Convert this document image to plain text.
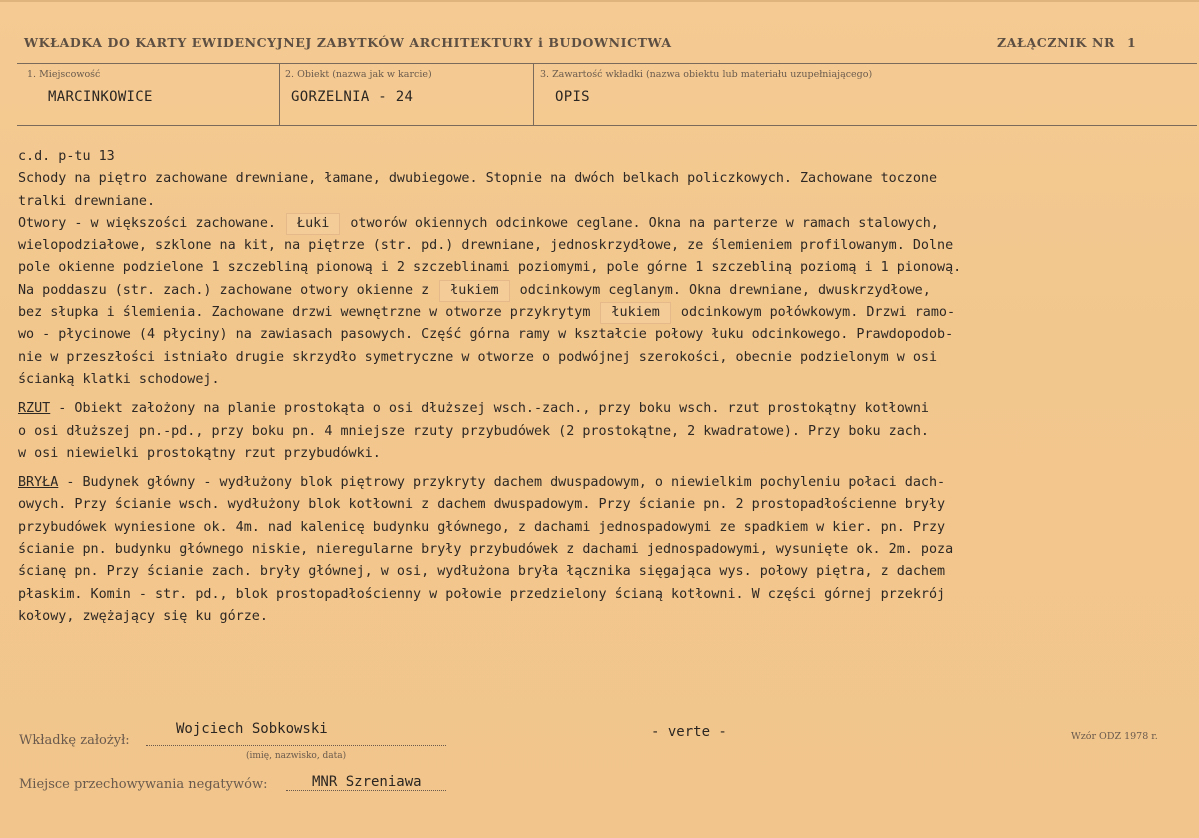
WKŁADKA DO KARTY EWIDENCYJNEJ ZABYTKÓW ARCHITEKTURY i BUDOWNICTWA	ZAŁĄCZNIK NR 1
1. Miejscowość
MARCINKOWICE
2. Obiekt (nazwa jak w karcie)
GORZELNIA - 24
3. Zawartość wkładki (nazwa obiektu lub materiału uzupełniającego)
OPIS
c.d. p-tu 13
Schody na piętro zachowane drewniane, łamane, dwubiegowe. Stopnie na dwóch belkach policzkowych. Zachowane toczone
tralki drewniane.
Otwory - w większości zachowane. Łuki otworów okiennych odcinkowe ceglane. Okna na parterze w ramach stalowych,
wielopodziałowe, szklone na kit, na piętrze (str. pd.) drewniane, jednoskrzydłowe, ze ślemieniem profilowanym. Dolne
pole okienne podzielone 1 szczebliną pionową i 2 szczeblinami poziomymi, pole górne 1 szczebliną poziomą i 1 pionową.
Na poddaszu (str. zach.) zachowane otwory okienne z łukiem odcinkowym ceglanym. Okna drewniane, dwuskrzydłowe,
bez słupka i ślemienia. Zachowane drzwi wewnętrzne w otworze przykrytym łukiem odcinkowym połówkowym. Drzwi ramo-
wo - płycinowe (4 płyciny) na zawiasach pasowych. Część górna ramy w kształcie połowy łuku odcinkowego. Prawdopodob-
nie w przeszłości istniało drugie skrzydło symetryczne w otworze o podwójnej szerokości, obecnie podzielonym w osi
ścianką klatki schodowej.
RZUT - Obiekt założony na planie prostokąta o osi dłuższej wsch.-zach., przy boku wsch. rzut prostokątny kotłowni
o osi dłuższej pn.-pd., przy boku pn. 4 mniejsze rzuty przybudówek (2 prostokątne, 2 kwadratowe). Przy boku zach.
w osi niewielki prostokątny rzut przybudówki.
BRYŁA - Budynek główny - wydłużony blok piętrowy przykryty dachem dwuspadowym, o niewielkim pochyleniu połaci dach-
owych. Przy ścianie wsch. wydłużony blok kotłowni z dachem dwuspadowym. Przy ścianie pn. 2 prostopadłościenne bryły
przybudówek wyniesione ok. 4m. nad kalenicę budynku głównego, z dachami jednospadowymi ze spadkiem w kier. pn. Przy
ścianie pn. budynku głównego niskie, nieregularne bryły przybudówek z dachami jednospadowymi, wysunięte ok. 2m. poza
ścianę pn. Przy ścianie zach. bryły głównej, w osi, wydłużona bryła łącznika sięgająca wys. połowy piętra, z dachem
płaskim. Komin - str. pd., blok prostopadłościenny w połowie przedzielony ścianą kotłowni. W części górnej przekrój
kołowy, zwężający się ku górze.
Wkładkę założył:
Wojciech Sobkowski
(imię, nazwisko, data)
- verte -	Wzór ODZ 1978 r.
Miejsce przechowywania negatywów:	MNR Szreniawa
